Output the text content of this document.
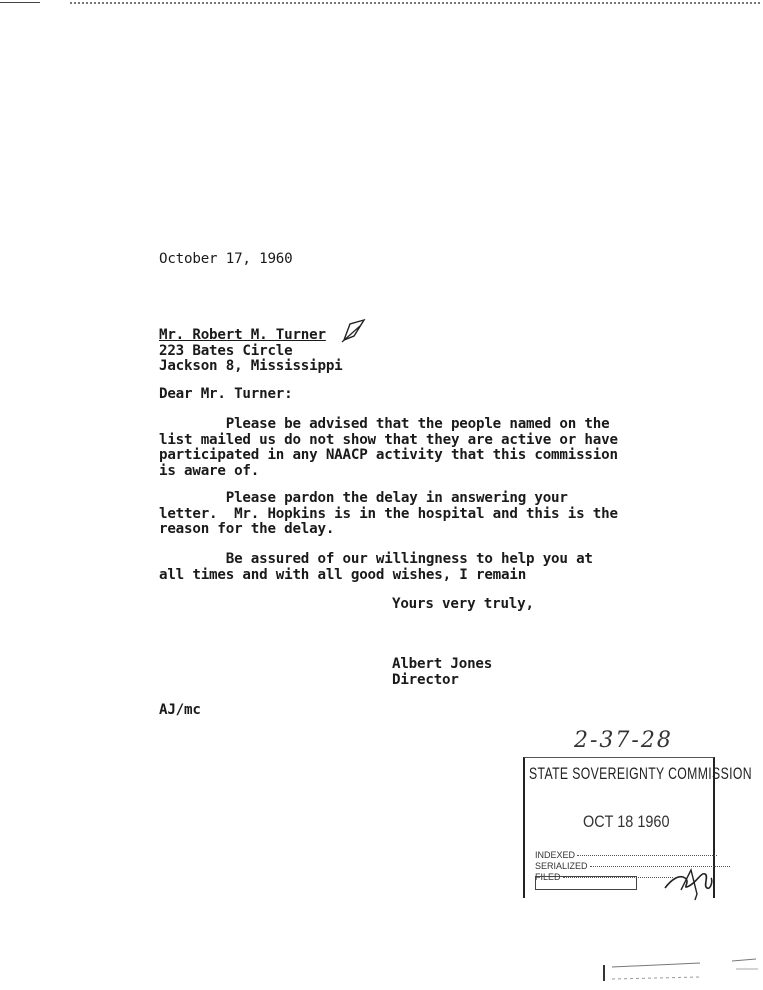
October 17, 1960
Mr. Robert M. Turner
223 Bates Circle
Jackson 8, Mississippi
Dear Mr. Turner:
Please be advised that the people named on the
list mailed us do not show that they are active or have
participated in any NAACP activity that this commission
is aware of.
Please pardon the delay in answering your
letter.  Mr. Hopkins is in the hospital and this is the
reason for the delay.
Be assured of our willingness to help you at
all times and with all good wishes, I remain
Yours very truly,
Albert Jones
Director
AJ/mc
2-37-28
STATE SOVEREIGNTY COMMISSION
OCT 18 1960
INDEXED
SERIALIZED
FILED
